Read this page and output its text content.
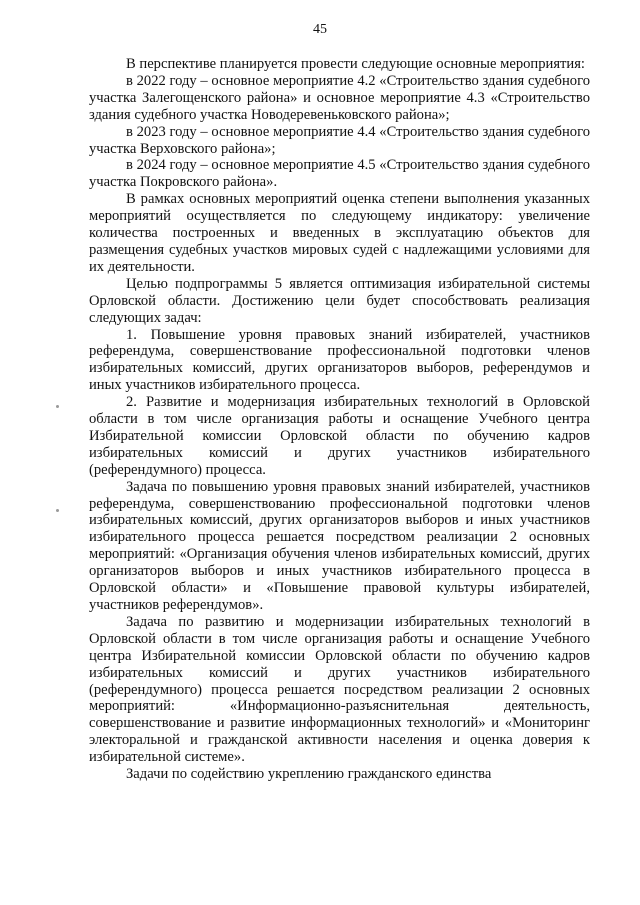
45

В перспективе планируется провести следующие основные мероприятия:

в 2022 году – основное мероприятие 4.2 «Строительство здания судебного участка Залегощенского района» и основное мероприятие 4.3 «Строительство здания судебного участка Новодеревеньковского района»;

в 2023 году – основное мероприятие 4.4 «Строительство здания судебного участка Верховского района»;

в 2024 году – основное мероприятие 4.5 «Строительство здания судебного участка Покровского района».

В рамках основных мероприятий оценка степени выполнения указанных мероприятий осуществляется по следующему индикатору: увеличение количества построенных и введенных в эксплуатацию объектов для размещения судебных участков мировых судей с надлежащими условиями для их деятельности.

Целью подпрограммы 5 является оптимизация избирательной системы Орловской области. Достижению цели будет способствовать реализация следующих задач:

1. Повышение уровня правовых знаний избирателей, участников референдума, совершенствование профессиональной подготовки членов избирательных комиссий, других организаторов выборов, референдумов и иных участников избирательного процесса.

2. Развитие и модернизация избирательных технологий в Орловской области в том числе организация работы и оснащение Учебного центра Избирательной комиссии Орловской области по обучению кадров избирательных комиссий и других участников избирательного (референдумного) процесса.

Задача по повышению уровня правовых знаний избирателей, участников референдума, совершенствованию профессиональной подготовки членов избирательных комиссий, других организаторов выборов и иных участников избирательного процесса решается посредством реализации 2 основных мероприятий: «Организация обучения членов избирательных комиссий, других организаторов выборов и иных участников избирательного процесса в Орловской области» и «Повышение правовой культуры избирателей, участников референдумов».

Задача по развитию и модернизации избирательных технологий в Орловской области в том числе организация работы и оснащение Учебного центра Избирательной комиссии Орловской области по обучению кадров избирательных комиссий и других участников избирательного (референдумного) процесса решается посредством реализации 2 основных мероприятий: «Информационно-разъяснительная деятельность, совершенствование и развитие информационных технологий» и «Мониторинг электоральной и гражданской активности населения и оценка доверия к избирательной системе».

Задачи по содействию укреплению гражданского единства
